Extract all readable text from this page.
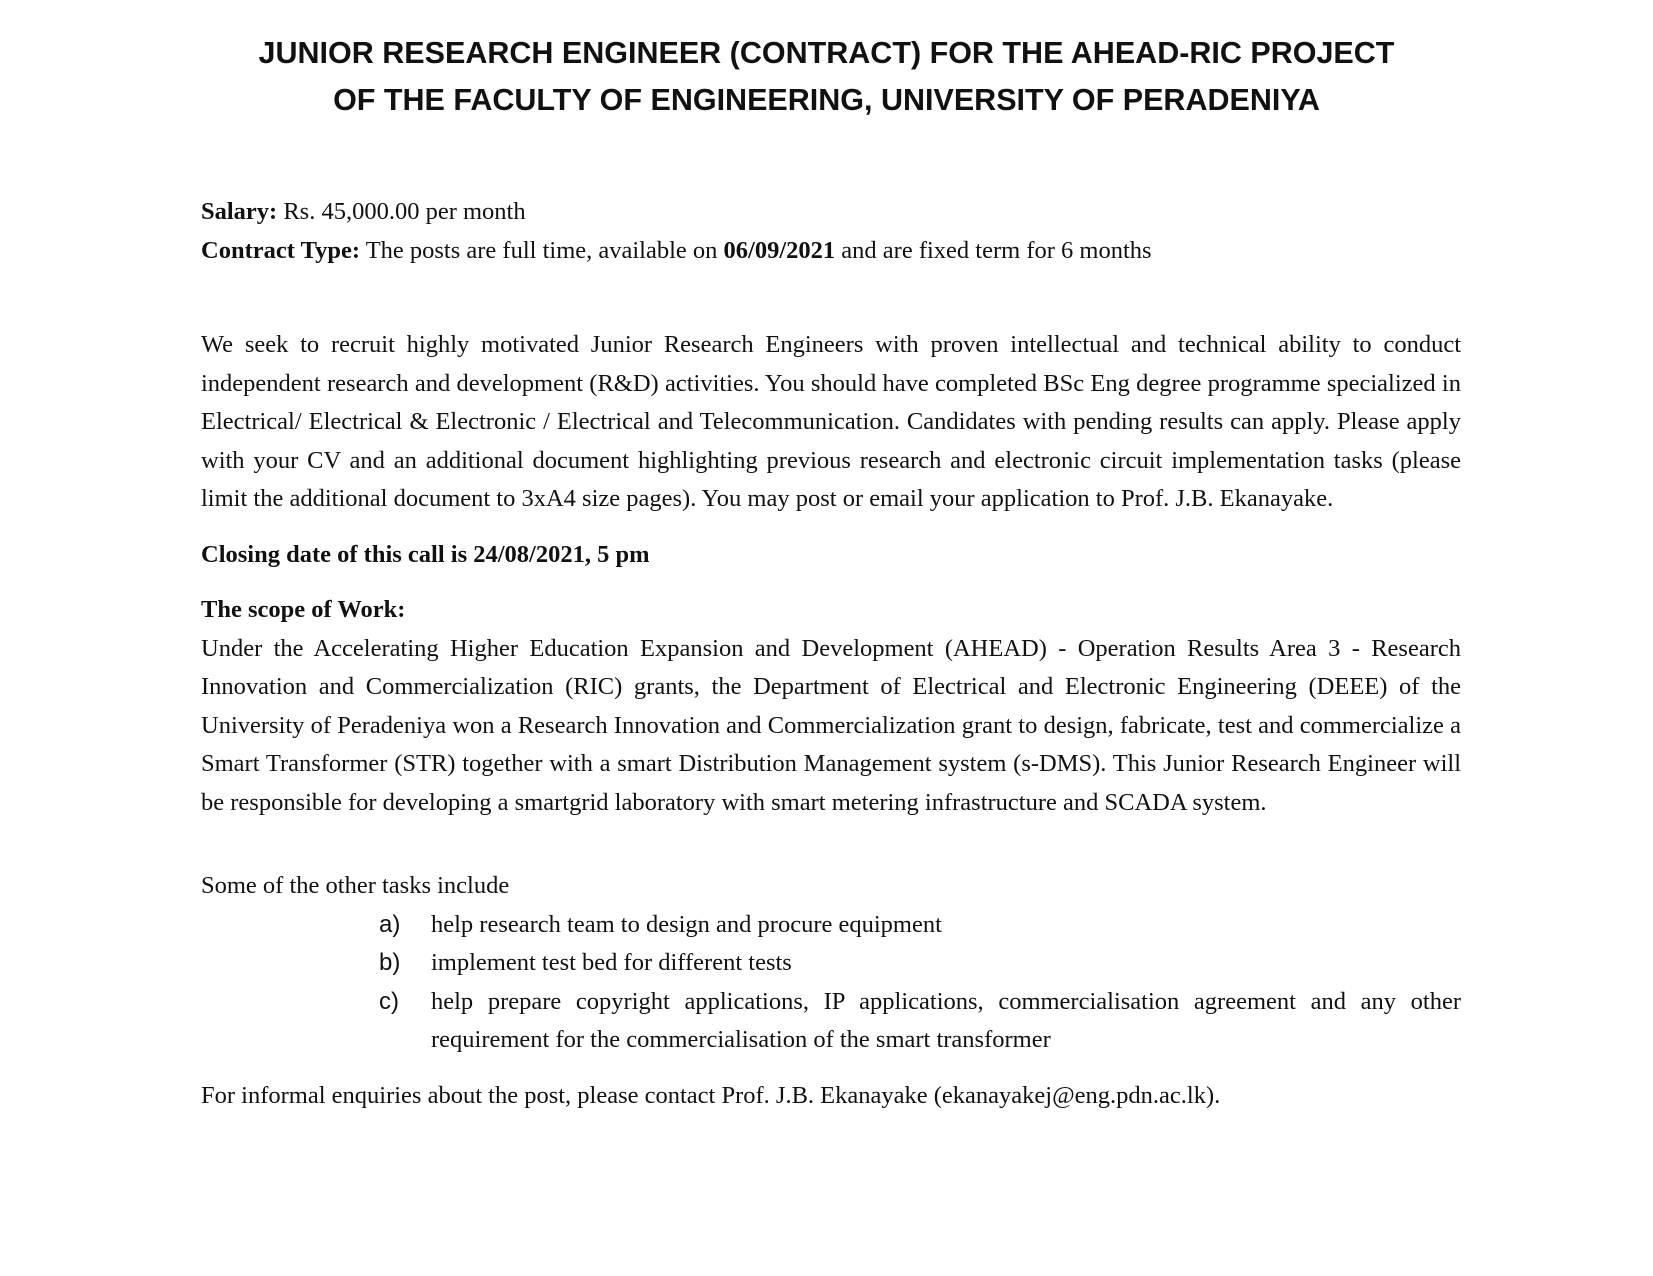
JUNIOR RESEARCH ENGINEER (CONTRACT) FOR THE AHEAD-RIC PROJECT
OF THE FACULTY OF ENGINEERING, UNIVERSITY OF PERADENIYA

Salary: Rs. 45,000.00 per month

Contract Type: The posts are full time, available on 06/09/2021 and are fixed term for 6 months

We seek to recruit highly motivated Junior Research Engineers with proven intellectual and technical ability to conduct independent research and development (R&D) activities. You should have completed BSc Eng degree programme specialized in Electrical/ Electrical & Electronic / Electrical and Telecommunication. Candidates with pending results can apply. Please apply with your CV and an additional document highlighting previous research and electronic circuit implementation tasks (please limit the additional document to 3xA4 size pages). You may post or email your application to Prof. J.B. Ekanayake.

Closing date of this call is 24/08/2021, 5 pm

The scope of Work:

Under the Accelerating Higher Education Expansion and Development (AHEAD) - Operation Results Area 3 - Research Innovation and Commercialization (RIC) grants, the Department of Electrical and Electronic Engineering (DEEE) of the University of Peradeniya won a Research Innovation and Commercialization grant to design, fabricate, test and commercialize a Smart Transformer (STR) together with a smart Distribution Management system (s-DMS). This Junior Research Engineer will be responsible for developing a smartgrid laboratory with smart metering infrastructure and SCADA system.

Some of the other tasks include

a) help research team to design and procure equipment
b) implement test bed for different tests
c) help prepare copyright applications, IP applications, commercialisation agreement and any other requirement for the commercialisation of the smart transformer

For informal enquiries about the post, please contact Prof. J.B. Ekanayake (ekanayakej@eng.pdn.ac.lk).
